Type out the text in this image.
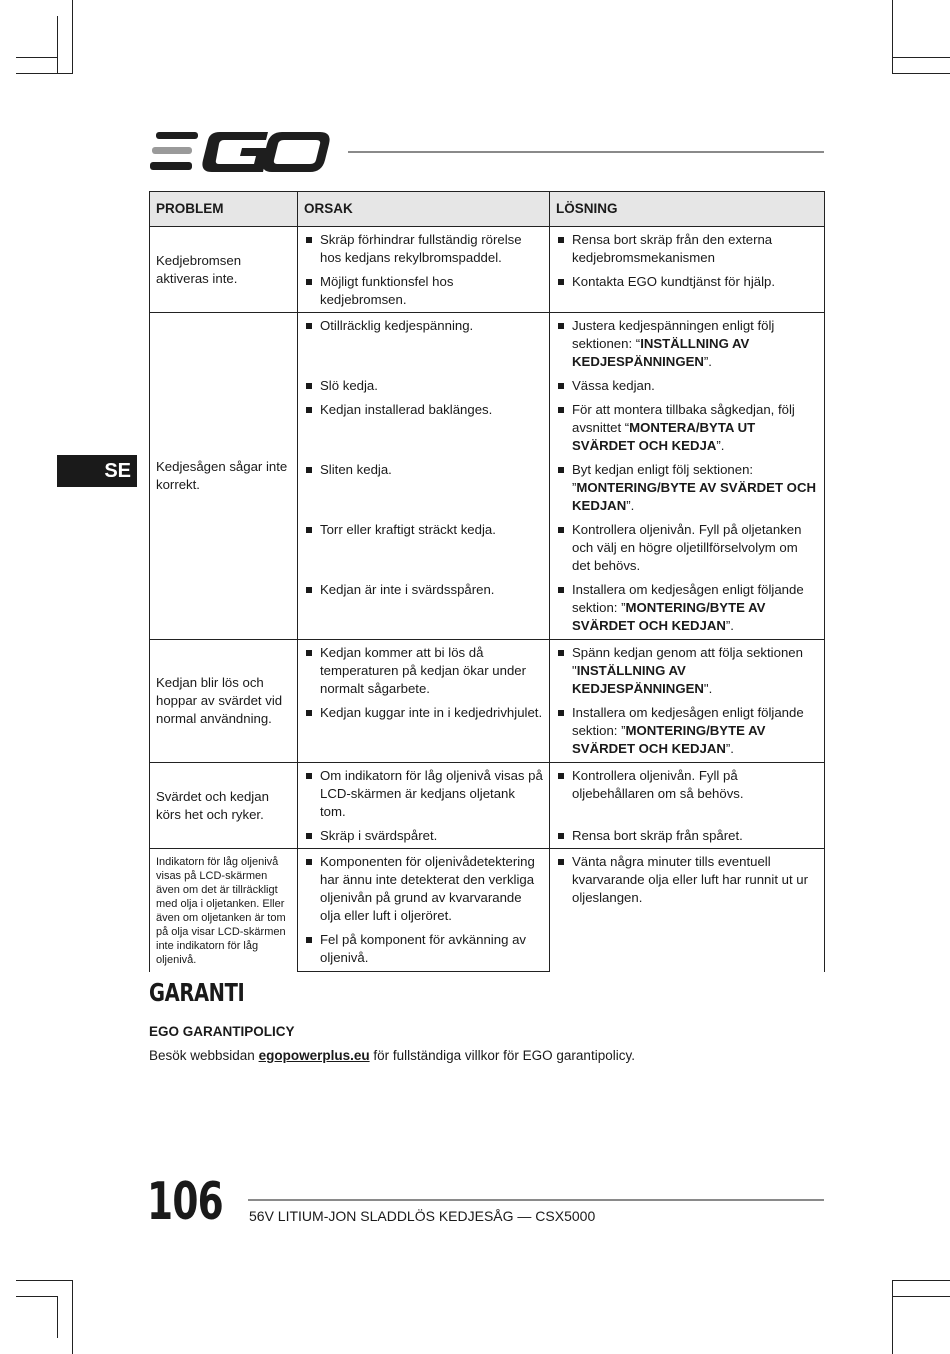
SE
PROBLEM	ORSAK	LÖSNING
Kedjebromsen aktiveras inte.	Skräp förhindrar fullständig rörelse hos kedjans rekylbromspaddel.	Rensa bort skräp från den externa kedjebromsmekanismen

	Möjligt funktionsfel hos kedjebromsen.	Kontakta EGO kundtjänst för hjälp.

Kedjesågen sågar inte korrekt.	Otillräcklig kedjespänning.	Justera kedjespänningen enligt följ sektionen: “INSTÄLLNING AV KEDJESPÄNNINGEN”.

	Slö kedja.	Vässa kedjan.

	Kedjan installerad baklänges.	För att montera tillbaka sågkedjan, följ avsnittet “MONTERA/BYTA UT SVÄRDET OCH KEDJA”.

	Sliten kedja.	Byt kedjan enligt följ sektionen: ”MONTERING/BYTE AV SVÄRDET OCH KEDJAN”.

	Torr eller kraftigt sträckt kedja.	Kontrollera oljenivån. Fyll på oljetanken och välj en högre oljetillförselvolym om det behövs.

	Kedjan är inte i svärdsspåren.	Installera om kedjesågen enligt följande sektion: ”MONTERING/BYTE AV SVÄRDET OCH KEDJAN”.

Kedjan blir lös och hoppar av svärdet vid normal användning.	Kedjan kommer att bi lös då temperaturen på kedjan ökar under normalt sågarbete.	Spänn kedjan genom att följa sektionen "INSTÄLLNING AV KEDJESPÄNNINGEN".

	Kedjan kuggar inte in i kedjedrivhjulet.	Installera om kedjesågen enligt följande sektion: ”MONTERING/BYTE AV SVÄRDET OCH KEDJAN”.

Svärdet och kedjan körs het och ryker.	Om indikatorn för låg oljenivå visas på LCD-skärmen är kedjans oljetank tom.	Kontrollera oljenivån. Fyll på oljebehållaren om så behövs.

	Skräp i svärdspåret.	Rensa bort skräp från spåret.

Indikatorn för låg oljenivå visas på LCD-skärmen även om det är tillräckligt med olja i oljetanken. Eller även om oljetanken är tom på olja visar LCD-skärmen inte indikatorn för låg oljenivå.	Komponenten för oljenivådetektering har ännu inte detekterat den verkliga oljenivån på grund av kvarvarande olja eller luft i oljeröret.	Vänta några minuter tills eventuell kvarvarande olja eller luft har runnit ut ur oljeslangen.

	Fel på komponent för avkänning av oljenivå.	
GARANTI
EGO GARANTIPOLICY
Besök webbsidan egopowerplus.eu för fullständiga villkor för EGO garantipolicy.
106 56V LITIUM-JON SLADDLÖS KEDJESÅG — CSX5000
